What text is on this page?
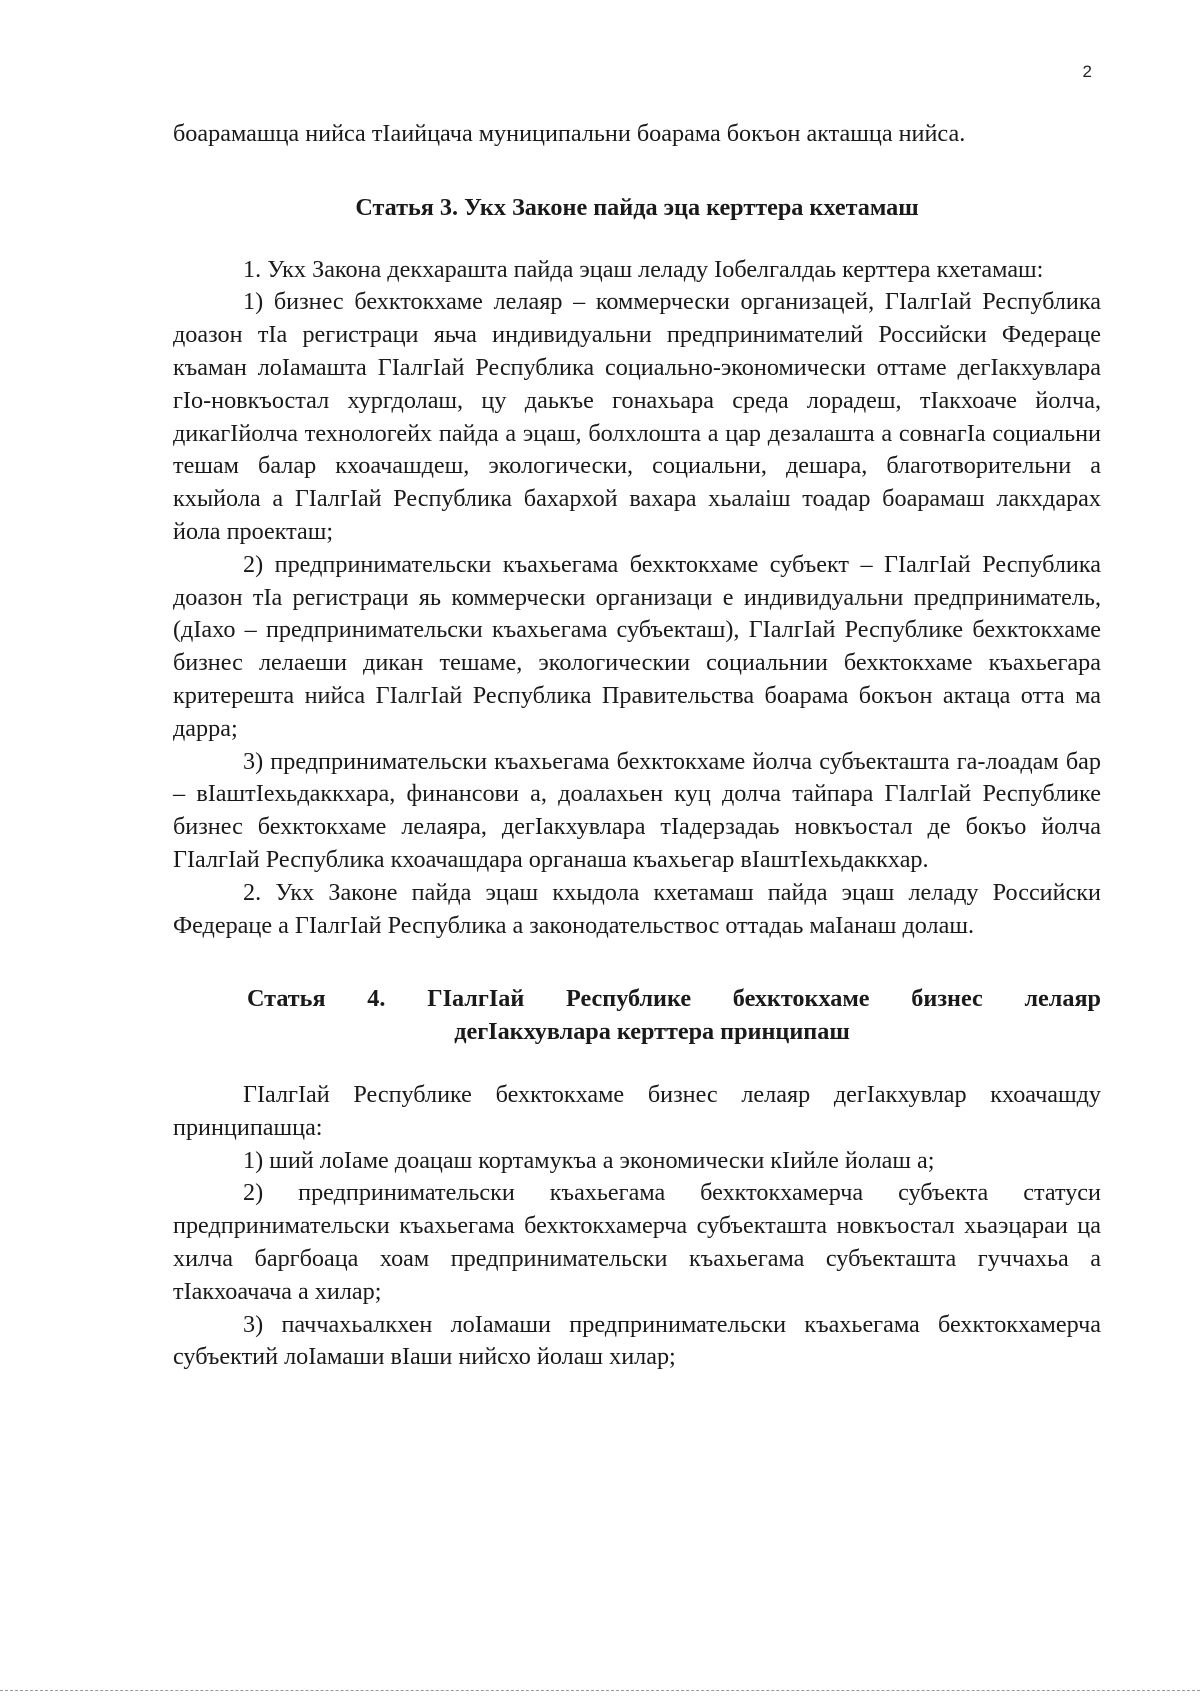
2

боарамашца нийса тIаийцача муниципальни боарама бокъон акташца нийса.

Статья 3. Укх Законе пайда эца керттера кхетамаш

1. Укх Закона декхарашта пайда эцаш леладу Iобелгалдаь керттера кхетамаш:

1) бизнес бехктокхаме лелаяр – коммерчески организацей, ГIалгIай Республика доазон тIа регистраци яьча индивидуальни предпринимателий Российски Федераце къаман лоIамашта ГIалгIай Республика социально-экономически оттаме дегIакхувлара гIо-новкъостал хургдолаш, цу даькъе гонахьара среда лорадеш, тIакхоаче йолча, дикагIйолча технологейх пайда а эцаш, болхлошта а цар дезалашта а совнагIа социальни тешам балар кхоачашдеш, экологически, социальни, дешара, благотворительни а кхыйола а ГIалгIай Республика бахархой вахара хьалаiш тоадар боарамаш лакхдарах йола проекташ;

2) предпринимательски къахьегама бехктокхаме субъект – ГIалгIай Республика доазон тIа регистраци яь коммерчески организаци е индивидуальни предприниматель, (дIахо – предпринимательски къахьегама субъекташ), ГIалгIай Республике бехктокхаме бизнес лелаеши дикан тешаме, экологическии социальнии бехктокхаме къахьегара критерешта нийса ГIалгIай Республика Правительства боарама бокъон актаца отта ма дарра;

3) предпринимательски къахьегама бехктокхаме йолча субъекташта га-лоадам бар – вIаштIехьдаккхара, финансови а, доалахьен куц долча тайпара ГIалгIай Республике бизнес бехктокхаме лелаяра, дегIакхувлара тIадерзадаь новкъостал де бокъо йолча ГIалгIай Республика кхоачашдара органаша къахьегар вIаштIехьдаккхар.

2. Укх Законе пайда эцаш кхыдола кхетамаш пайда эцаш леладу Российски Федераце а ГIалгIай Республика а законодательствос оттадаь маIанаш долаш.

Статья 4. ГIалгIай Республике бехктокхаме бизнес лелаяр
дегIакхувлара керттера принципаш

ГIалгIай Республике бехктокхаме бизнес лелаяр дегIакхувлар кхоачашду принципашца:

1) ший лоIаме доацаш кортамукъа а экономически кIийле йолаш а;

2) предпринимательски къахьегама бехктокхамерча субъекта статуси предпринимательски къахьегама бехктокхамерча субъекташта новкъостал хьаэцараи ца хилча баргбоаца хоам предпринимательски къахьегама субъекташта гуччахьа а тIакхоачача а хилар;

3) паччахьалкхен лоIамаши предпринимательски къахьегама бехктокхамерча субъектий лоIамаши вIаши нийсхо йолаш хилар;
